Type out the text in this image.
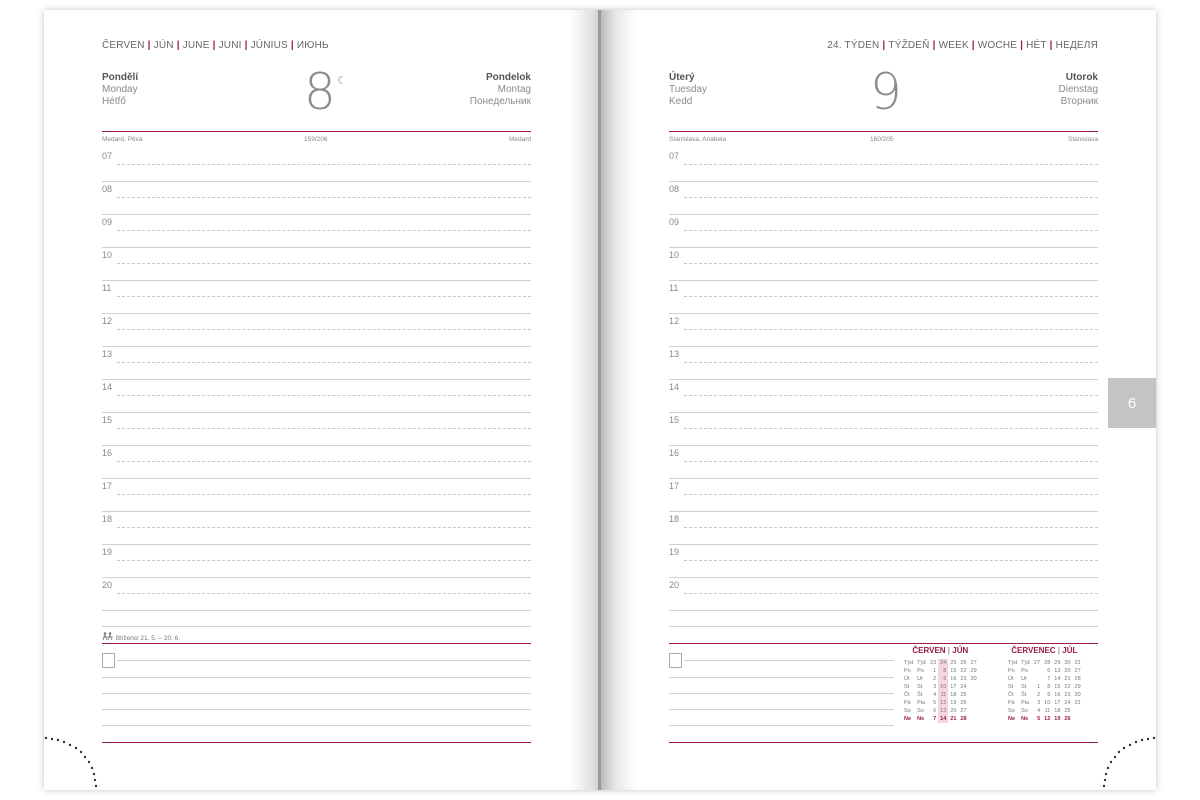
ČERVEN | JÚN | JUNE | JUNI | JÚNIUS | ИЮНЬ
Pondělí
Monday
Hétfő	8 ☾	Pondelok
Montag
Понедельник
Medard, Pěva	159/206	Medard
07
08
09
10
11
12
13
14
15
16
17
18
19
20
Blíženci 21. 5. – 20. 6.
24. TÝDEN | TÝŽDEŇ | WEEK | WOCHE | HÉT | НЕДЕЛЯ
Úterý
Tuesday
Kedd	9	Utorok
Dienstag
Вторник
Stanislava, Anabela	160/205	Stanislava
07
08
09
10
11
12
13
14
15
16
17
18
19
20
ČERVEN | JÚN
Týd	Týž	23	24	25	26	27
Po	Po	1	8	15	22	29
Út	Ut	2	9	16	23	30
St	St	3	10	17	24	
Čt	Št	4	11	18	25	
Pá	Pia	5	12	19	26	
So	So	6	13	20	27	
Ne	Ne	7	14	21	28	
ČERVENEC | JÚL
Týd	Týž	27	28	29	30	31
Po	Po		6	13	20	27
Út	Ut		7	14	21	28
St	St	1	8	15	22	29
Čt	Št	2	9	16	23	30
Pá	Pia	3	10	17	24	31
So	So	4	11	18	25	
Ne	Ne	5	12	19	26	
6
